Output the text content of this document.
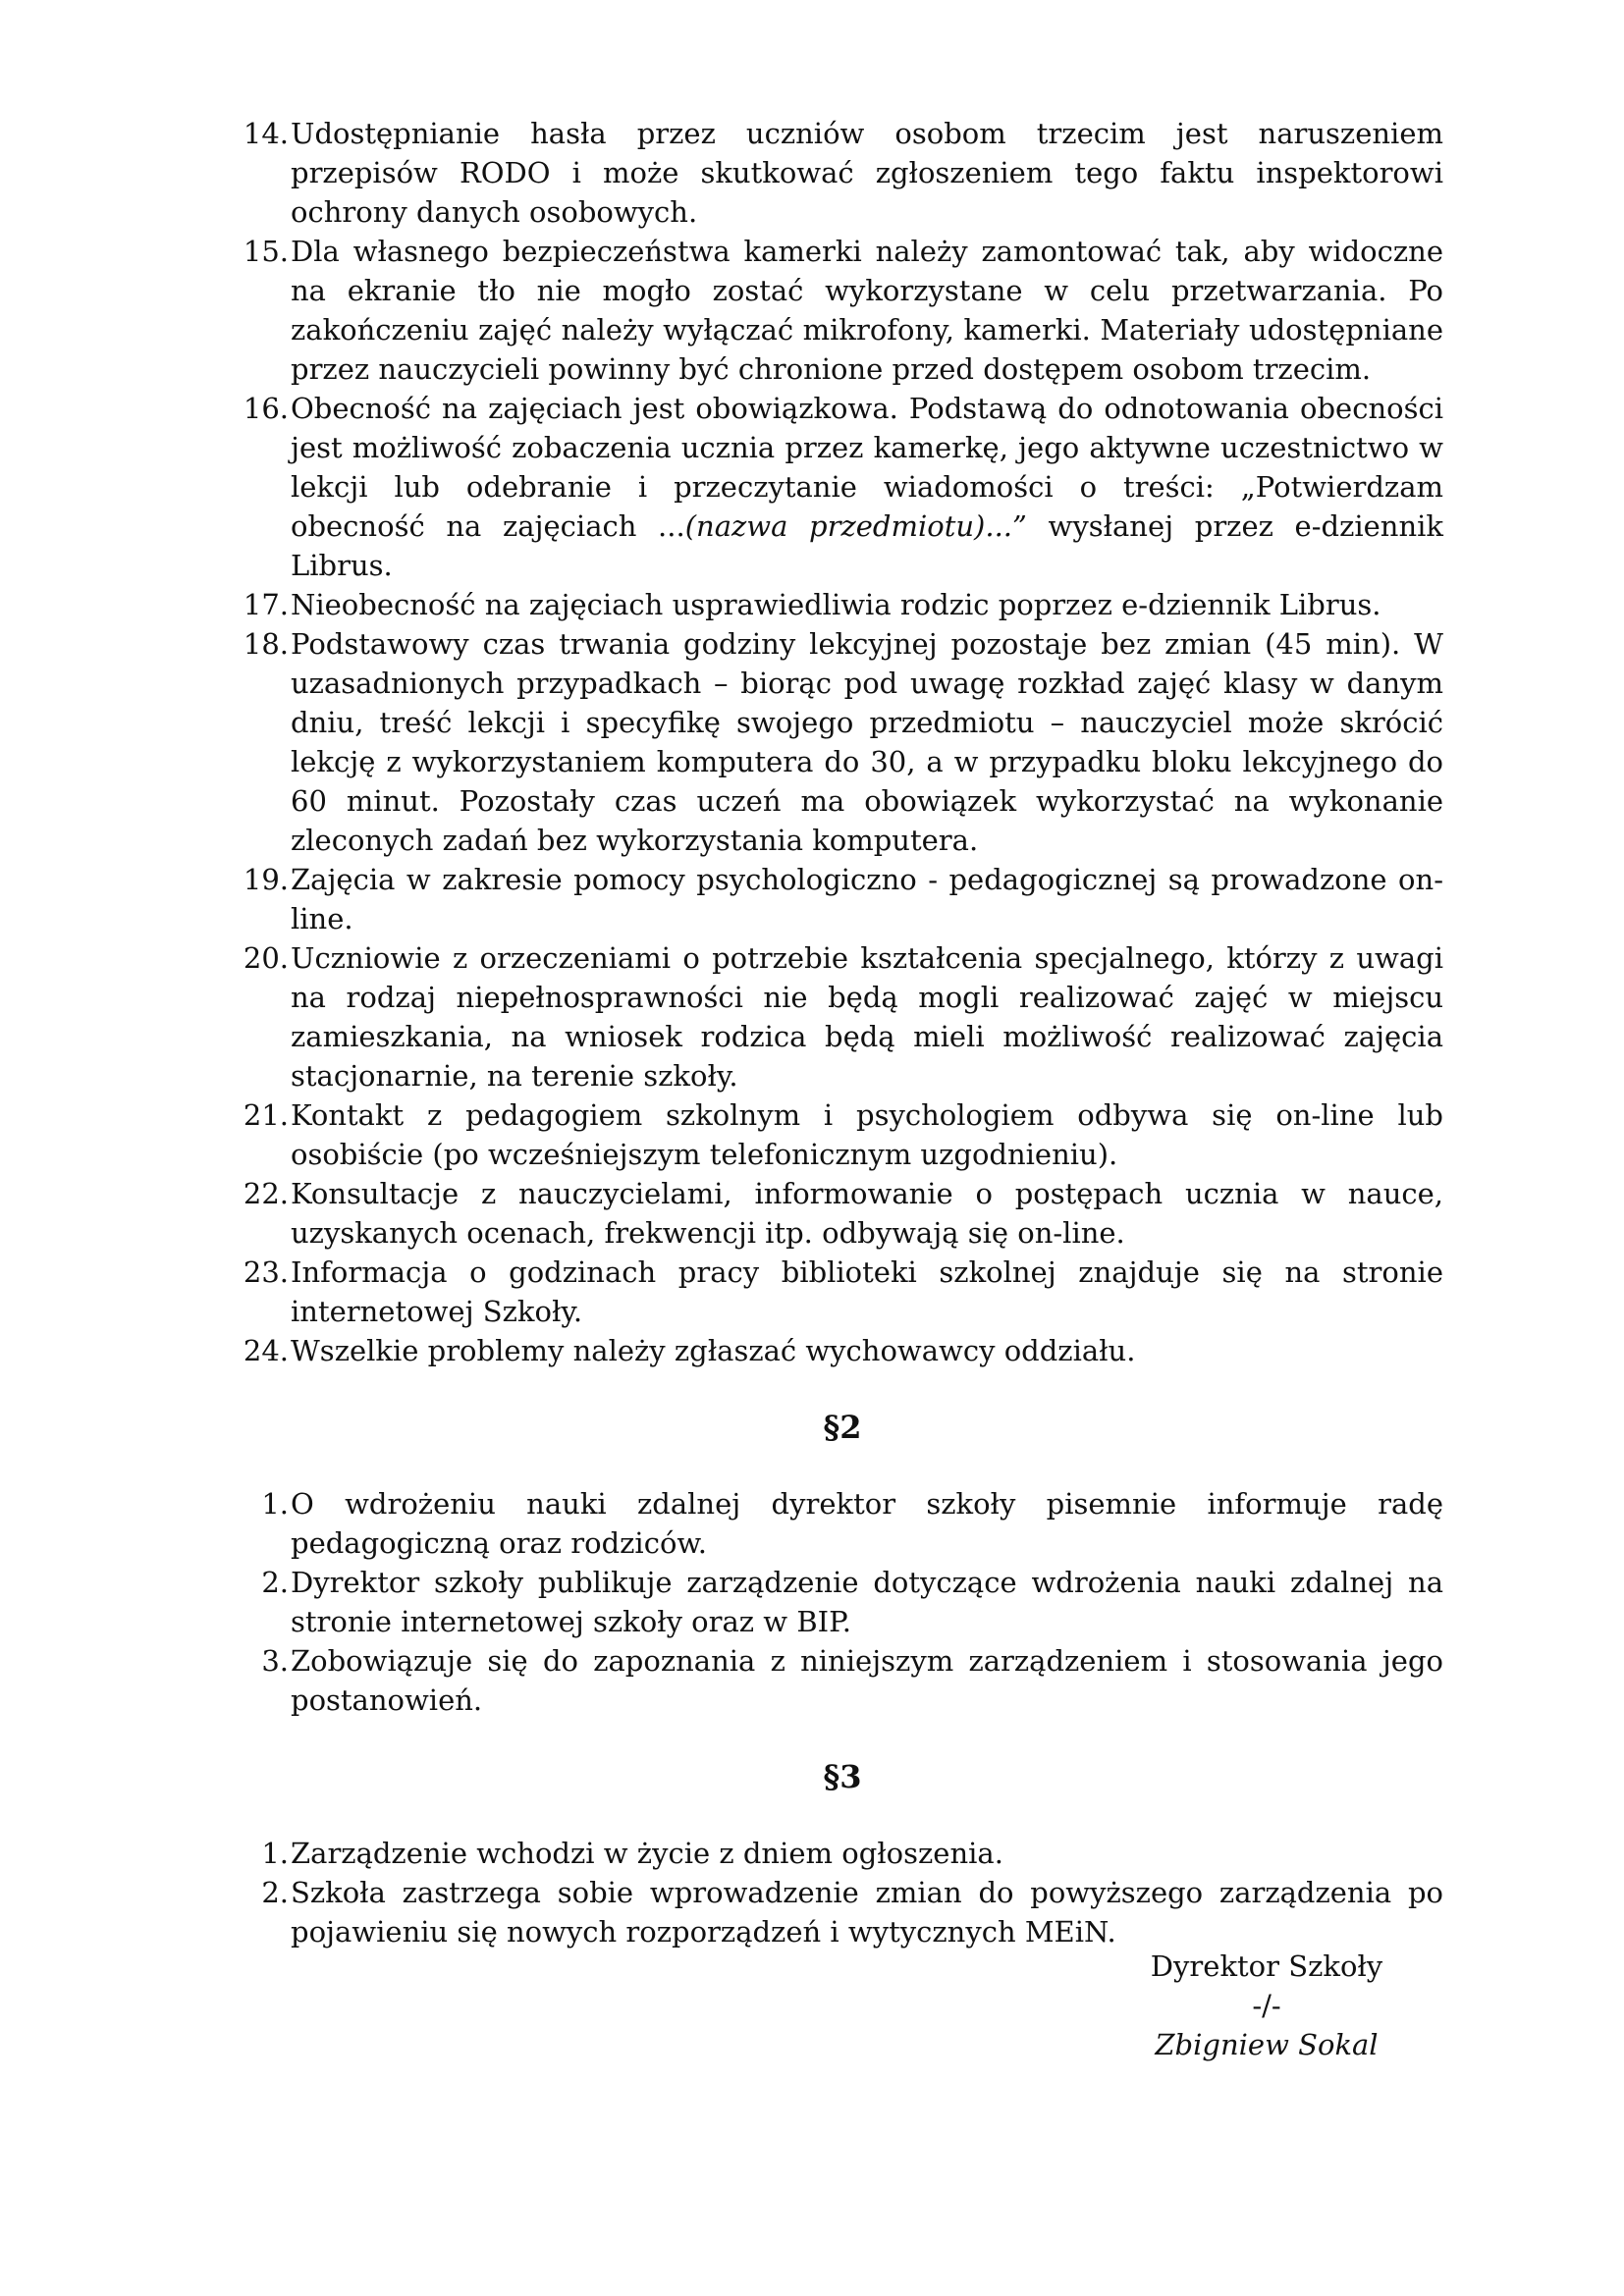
14. Udostępnianie hasła przez uczniów osobom trzecim jest naruszeniem przepisów RODO i może skutkować zgłoszeniem tego faktu inspektorowi ochrony danych osobowych.
15. Dla własnego bezpieczeństwa kamerki należy zamontować tak, aby widoczne na ekranie tło nie mogło zostać wykorzystane w celu przetwarzania. Po zakończeniu zajęć należy wyłączać mikrofony, kamerki. Materiały udostępniane przez nauczycieli powinny być chronione przed dostępem osobom trzecim.
16. Obecność na zajęciach jest obowiązkowa. Podstawą do odnotowania obecności jest możliwość zobaczenia ucznia przez kamerkę, jego aktywne uczestnictwo w lekcji lub odebranie i przeczytanie wiadomości o treści: „Potwierdzam obecność na zajęciach ...(nazwa przedmiotu)...” wysłanej przez e-dziennik Librus.
17. Nieobecność na zajęciach usprawiedliwia rodzic poprzez e-dziennik Librus.
18. Podstawowy czas trwania godziny lekcyjnej pozostaje bez zmian (45 min). W uzasadnionych przypadkach – biorąc pod uwagę rozkład zajęć klasy w danym dniu, treść lekcji i specyfikę swojego przedmiotu – nauczyciel może skrócić lekcję z wykorzystaniem komputera do 30, a w przypadku bloku lekcyjnego do 60 minut. Pozostały czas uczeń ma obowiązek wykorzystać na wykonanie zleconych zadań bez wykorzystania komputera.
19. Zajęcia w zakresie pomocy psychologiczno - pedagogicznej są prowadzone on-line.
20. Uczniowie z orzeczeniami o potrzebie kształcenia specjalnego, którzy z uwagi na rodzaj niepełnosprawności nie będą mogli realizować zajęć w miejscu zamieszkania, na wniosek rodzica będą mieli możliwość realizować zajęcia stacjonarnie, na terenie szkoły.
21. Kontakt z pedagogiem szkolnym i psychologiem odbywa się on-line lub osobiście (po wcześniejszym telefonicznym uzgodnieniu).
22. Konsultacje z nauczycielami, informowanie o postępach ucznia w nauce, uzyskanych ocenach, frekwencji itp. odbywają się on-line.
23. Informacja o godzinach pracy biblioteki szkolnej znajduje się na stronie internetowej Szkoły.
24. Wszelkie problemy należy zgłaszać wychowawcy oddziału.
§2
1. O wdrożeniu nauki zdalnej dyrektor szkoły pisemnie informuje radę pedagogiczną oraz rodziców.
2. Dyrektor szkoły publikuje zarządzenie dotyczące wdrożenia nauki zdalnej na stronie internetowej szkoły oraz w BIP.
3. Zobowiązuje się do zapoznania z niniejszym zarządzeniem i stosowania jego postanowień.
§3
1. Zarządzenie wchodzi w życie z dniem ogłoszenia.
2. Szkoła zastrzega sobie wprowadzenie zmian do powyższego zarządzenia po pojawieniu się nowych rozporządzeń i wytycznych MEiN.
Dyrektor Szkoły
-/-
Zbigniew Sokal
